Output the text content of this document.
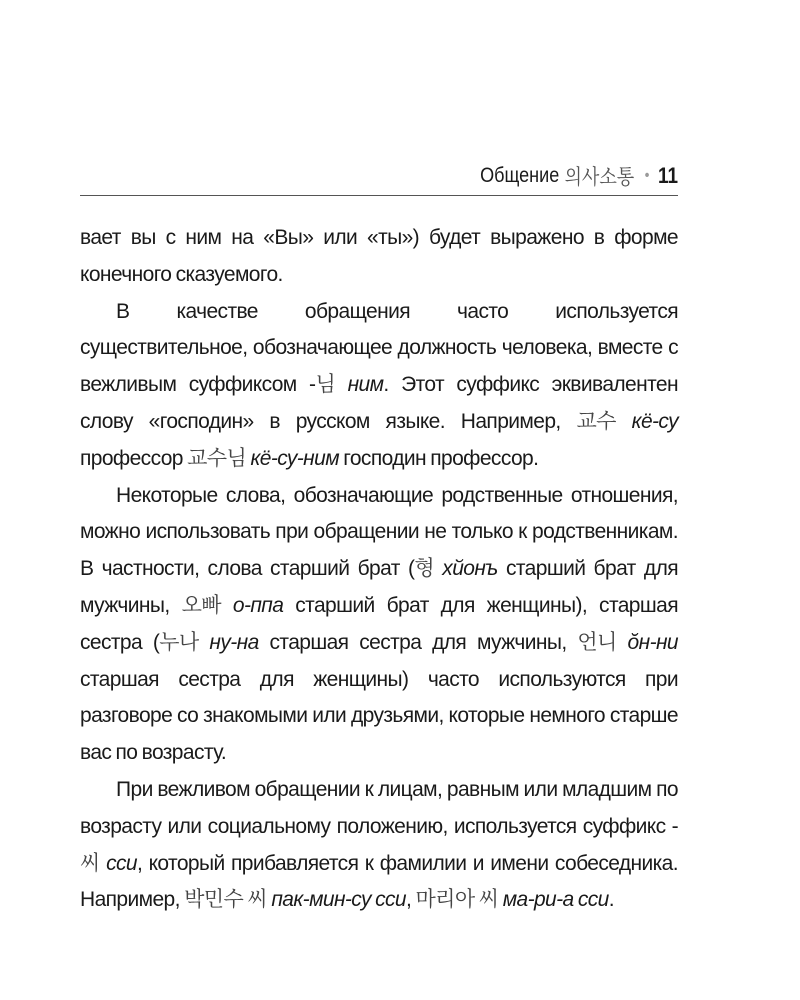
Общение 의사소통 • 11

вает вы с ним на «Вы» или «ты») будет выражено в форме конечного сказуемого.

В качестве обращения часто используется существительное, обозначающее должность человека, вместе с вежливым суффиксом -님 ним. Этот суффикс эквивалентен слову «господин» в русском языке. Например, 교수 кё-су профессор 교수님 кё-су-ним господин профессор.

Некоторые слова, обозначающие родственные отношения, можно использовать при обращении не только к родственникам. В частности, слова старший брат (형 хйонъ старший брат для мужчины, 오빠 о-ппа старший брат для женщины), старшая сестра (누나 ну-на старшая сестра для мужчины, 언니 ŏн-ни старшая сестра для женщины) часто используются при разговоре со знакомыми или друзьями, которые немного старше вас по возрасту.

При вежливом обращении к лицам, равным или младшим по возрасту или социальному положению, используется суффикс -씨 сси, который прибавляется к фамилии и имени собеседника. Например, 박민수 씨 пак-мин-су сси, 마리아 씨 ма-ри-а сси.
